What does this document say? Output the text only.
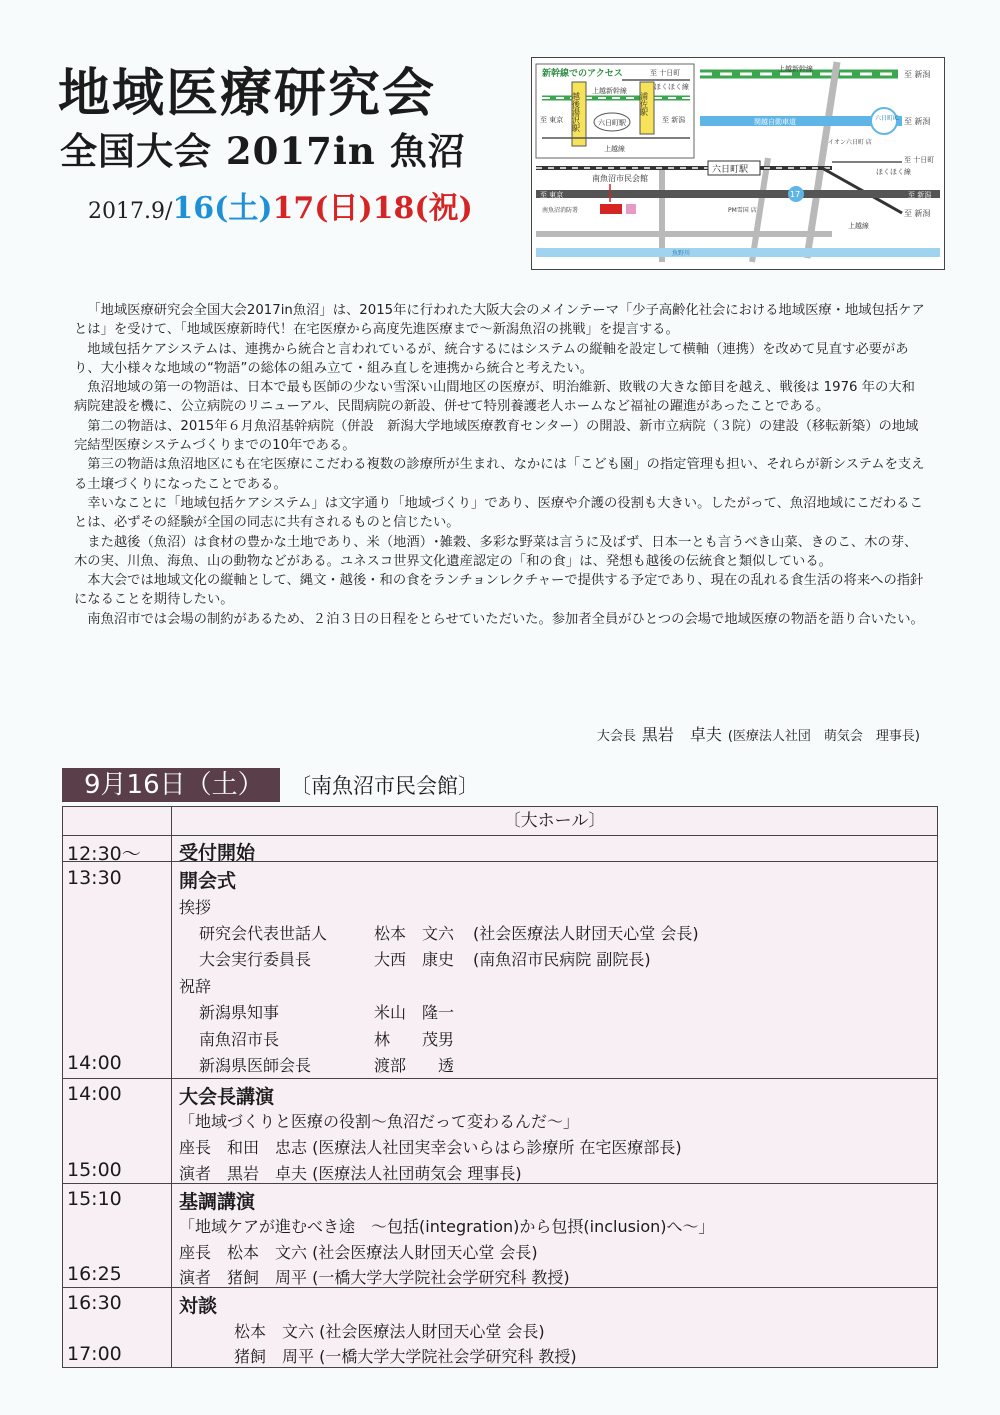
地域医療研究会
全国大会 2017in 魚沼
2017.9/16(土)17(日)18(祝)
新幹線でのアクセス	至 十日町
上越新幹線	ほくほく線
越後湯沢駅	浦佐駅
六日町駅
上越線
至 東京	至 新潟
上越新幹線
至 新潟
関越自動車道	至 新潟
六日町IC
イオン六日町 店
至 十日町
ほくほく線
六日町駅
上越線
至 新潟
至 東京	至 新潟
17
南魚沼市民会館
南魚沼消防署	PM雪国 店
魚野川

「地域医療研究会全国大会2017in魚沼」は、2015年に行われた大阪大会のメインテーマ「少子高齢化社会における地域医療・地域包括ケアとは」を受けて、「地域医療新時代！在宅医療から高度先進医療まで～新潟魚沼の挑戦」を提言する。

地域包括ケアシステムは、連携から統合と言われているが、統合するにはシステムの縦軸を設定して横軸（連携）を改めて見直す必要があり、大小様々な地域の“物語”の総体の組み立て・組み直しを連携から統合と考えたい。

魚沼地域の第一の物語は、日本で最も医師の少ない雪深い山間地区の医療が、明治維新、敗戦の大きな節目を越え、戦後は 1976 年の大和病院建設を機に、公立病院のリニューアル、民間病院の新設、併せて特別養護老人ホームなど福祉の躍進があったことである。

第二の物語は、2015年６月魚沼基幹病院（併設　新潟大学地域医療教育センター）の開設、新市立病院（３院）の建設（移転新築）の地域完結型医療システムづくりまでの10年である。

第三の物語は魚沼地区にも在宅医療にこだわる複数の診療所が生まれ、なかには「こども園」の指定管理も担い、それらが新システムを支える土壌づくりになったことである。

幸いなことに「地域包括ケアシステム」は文字通り「地域づくり」であり、医療や介護の役割も大きい。したがって、魚沼地域にこだわることは、必ずその経験が全国の同志に共有されるものと信じたい。

また越後（魚沼）は食材の豊かな土地であり、米（地酒）･雑穀、多彩な野菜は言うに及ばず、日本一とも言うべき山菜、きのこ、木の芽、木の実、川魚、海魚、山の動物などがある。ユネスコ世界文化遺産認定の「和の食」は、発想も越後の伝統食と類似している。

本大会では地域文化の縦軸として、縄文・越後・和の食をランチョンレクチャーで提供する予定であり、現在の乱れる食生活の将来への指針になることを期待したい。

南魚沼市では会場の制約があるため、２泊３日の日程をとらせていただいた。参加者全員がひとつの会場で地域医療の物語を語り合いたい。

大会長 黒岩　卓夫 (医療法人社団　萌気会　理事長)
9月16日（土）	〔南魚沼市民会館〕
〔大ホール〕
12:30～ 受付開始
13:30	開会式
挨拶
研究会代表世話人	松本　文六 (社会医療法人財団天心堂 会長)
大会実行委員長	大西　康史 (南魚沼市民病院 副院長)
祝辞
新潟県知事	米山　隆一
南魚沼市長	林　　茂男
新潟県医師会長	渡部　　透
14:00
14:00	大会長講演
「地域づくりと医療の役割～魚沼だって変わるんだ～」
座長　和田　忠志 (医療法人社団実幸会いらはら診療所 在宅医療部長)
演者　黒岩　卓夫 (医療法人社団萌気会 理事長)
15:00
15:10	基調講演
「地域ケアが進むべき途　～包括(integration)から包摂(inclusion)へ～」
座長　松本　文六 (社会医療法人財団天心堂 会長)
演者　猪飼　周平 (一橋大学大学院社会学研究科 教授)
16:25
16:30	対談
松本　文六 (社会医療法人財団天心堂 会長)
猪飼　周平 (一橋大学大学院社会学研究科 教授)
17:00
